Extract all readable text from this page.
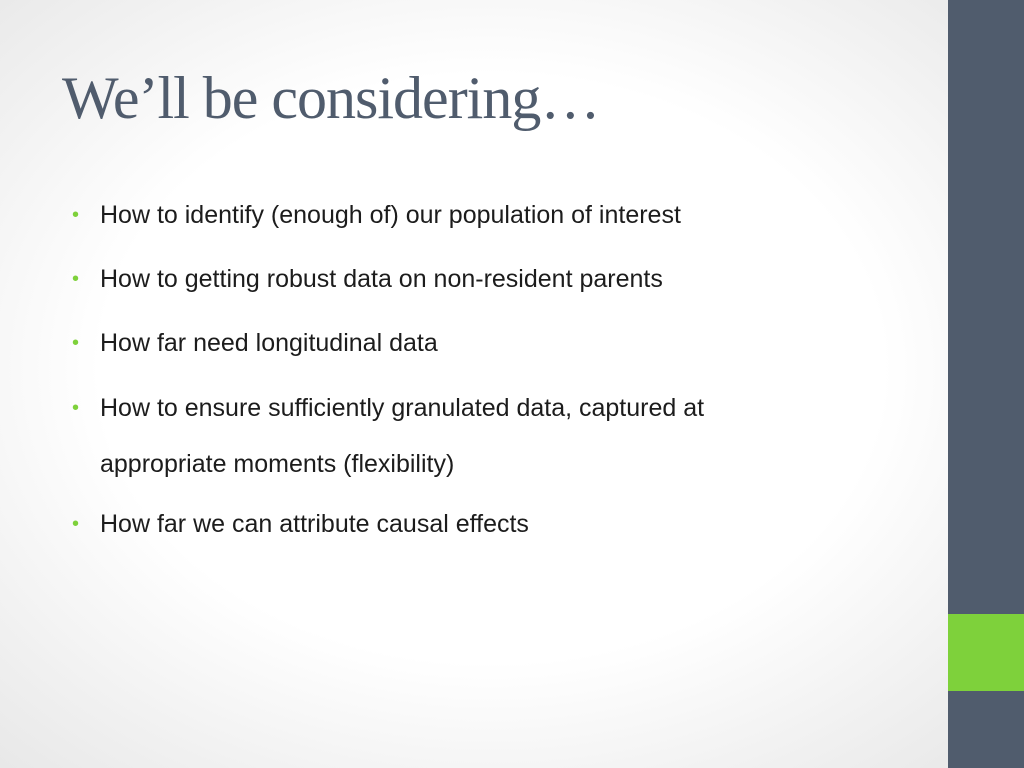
We’ll be considering…
• How to identify (enough of) our population of interest
• How to getting robust data on non-resident parents
• How far need longitudinal data
• How to ensure sufficiently granulated data, captured at appropriate moments (flexibility)
• How far we can attribute causal effects
